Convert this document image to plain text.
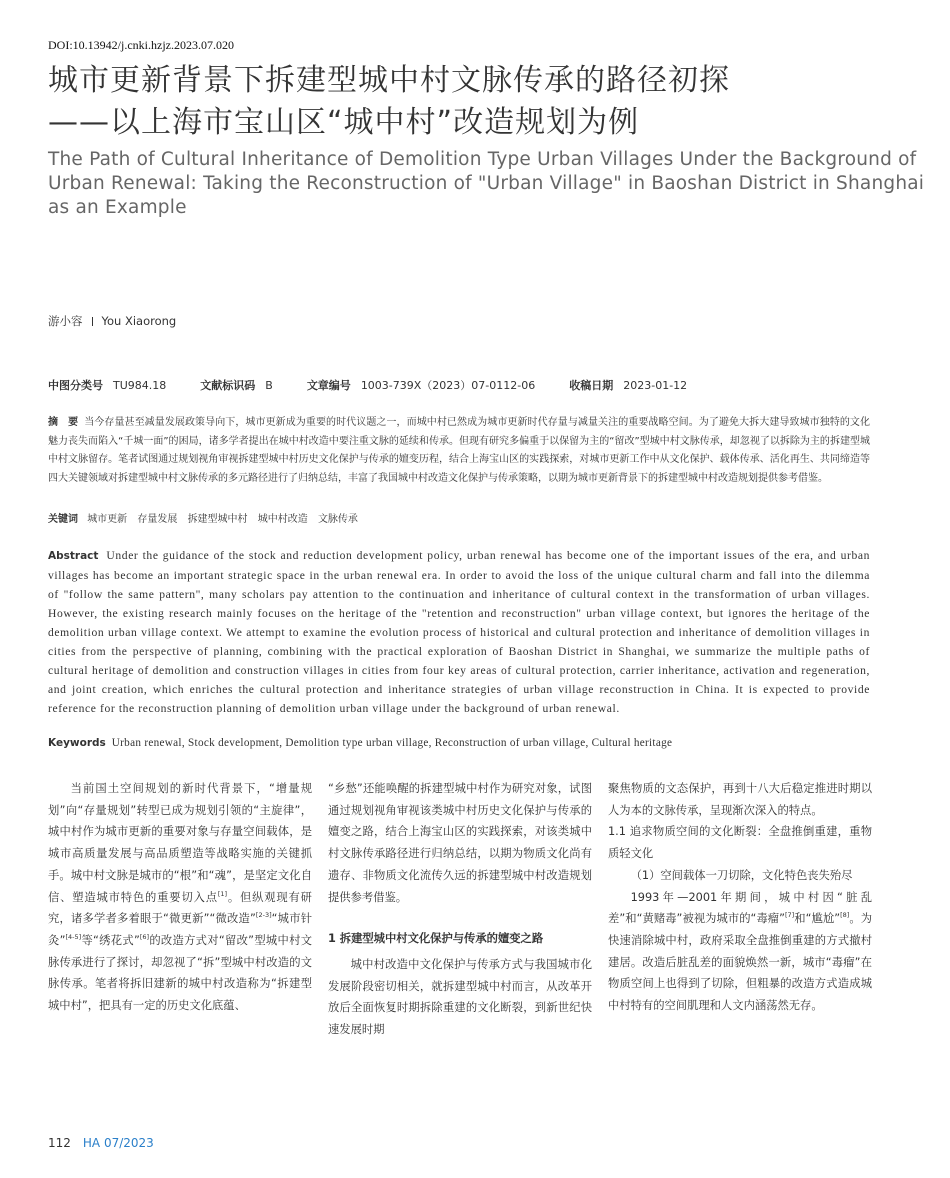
DOI:10.13942/j.cnki.hzjz.2023.07.020
城市更新背景下拆建型城中村文脉传承的路径初探
——以上海市宝山区“城中村”改造规划为例
The Path of Cultural Inheritance of Demolition Type Urban Villages Under the Background of Urban Renewal: Taking the Reconstruction of "Urban Village" in Baoshan District in Shanghai as an Example
游小容 You Xiaorong
中图分类号 TU984.18	文献标识码 B	文章编号 1003-739X（2023）07-0112-06	收稿日期 2023-01-12
摘　要 当今存量甚至减量发展政策导向下，城市更新成为重要的时代议题之一，而城中村已然成为城市更新时代存量与减量关注的重要战略空间。为了避免大拆大建导致城市独特的文化魅力丧失而陷入“千城一面”的困局，诸多学者提出在城中村改造中要注重文脉的延续和传承。但现有研究多偏重于以保留为主的“留改”型城中村文脉传承，却忽视了以拆除为主的拆建型城中村文脉留存。笔者试图通过规划视角审视拆建型城中村历史文化保护与传承的嬗变历程，结合上海宝山区的实践探索，对城市更新工作中从文化保护、载体传承、活化再生、共同缔造等四大关键领域对拆建型城中村文脉传承的多元路径进行了归纳总结，丰富了我国城中村改造文化保护与传承策略，以期为城市更新背景下的拆建型城中村改造规划提供参考借鉴。
关键词 城市更新 存量发展 拆建型城中村 城中村改造 文脉传承
Abstract Under the guidance of the stock and reduction development policy, urban renewal has become one of the important issues of the era, and urban villages has become an important strategic space in the urban renewal era. In order to avoid the loss of the unique cultural charm and fall into the dilemma of "follow the same pattern", many scholars pay attention to the continuation and inheritance of cultural context in the transformation of urban villages. However, the existing research mainly focuses on the heritage of the "retention and reconstruction" urban village context, but ignores the heritage of the demolition urban village context. We attempt to examine the evolution process of historical and cultural protection and inheritance of demolition villages in cities from the perspective of planning, combining with the practical exploration of Baoshan District in Shanghai, we summarize the multiple paths of cultural heritage of demolition and construction villages in cities from four key areas of cultural protection, carrier inheritance, activation and regeneration, and joint creation, which enriches the cultural protection and inheritance strategies of urban village reconstruction in China. It is expected to provide reference for the reconstruction planning of demolition urban village under the background of urban renewal.
Keywords Urban renewal, Stock development, Demolition type urban village, Reconstruction of urban village, Cultural heritage

当前国土空间规划的新时代背景下，“增量规划”向“存量规划”转型已成为规划引领的“主旋律”，城中村作为城市更新的重要对象与存量空间载体，是城市高质量发展与高品质塑造等战略实施的关键抓手。城中村文脉是城市的“根”和“魂”，是坚定文化自信、塑造城市特色的重要切入点[1]。但纵观现有研究，诸多学者多着眼于“微更新”“微改造”[2-3]“城市针灸”[4-5]等“绣花式”[6]的改造方式对“留改”型城中村文脉传承进行了探讨，却忽视了“拆”型城中村改造的文脉传承。笔者将拆旧建新的城中村改造称为“拆建型城中村”，把具有一定的历史文化底蕴、

“乡愁”还能唤醒的拆建型城中村作为研究对象，试图通过规划视角审视该类城中村历史文化保护与传承的嬗变之路，结合上海宝山区的实践探索，对该类城中村文脉传承路径进行归纳总结，以期为物质文化尚有遗存、非物质文化流传久远的拆建型城中村改造规划提供参考借鉴。

1 拆建型城中村文化保护与传承的嬗变之路

城中村改造中文化保护与传承方式与我国城市化发展阶段密切相关，就拆建型城中村而言，从改革开放后全面恢复时期拆除重建的文化断裂，到新世纪快速发展时期

聚焦物质的文态保护，再到十八大后稳定推进时期以人为本的文脉传承，呈现渐次深入的特点。

1.1 追求物质空间的文化断裂：全盘推倒重建，重物质轻文化

（1）空间载体一刀切除，文化特色丧失殆尽

1993年—2001年期间，城中村因“脏乱差”和“黄赌毒”被视为城市的“毒瘤”[7]和“尴尬”[8]。为快速消除城中村，政府采取全盘推倒重建的方式撤村建居。改造后脏乱差的面貌焕然一新，城市“毒瘤”在物质空间上也得到了切除，但粗暴的改造方式造成城中村特有的空间肌理和人文内涵荡然无存。

112 HA 07/2023
